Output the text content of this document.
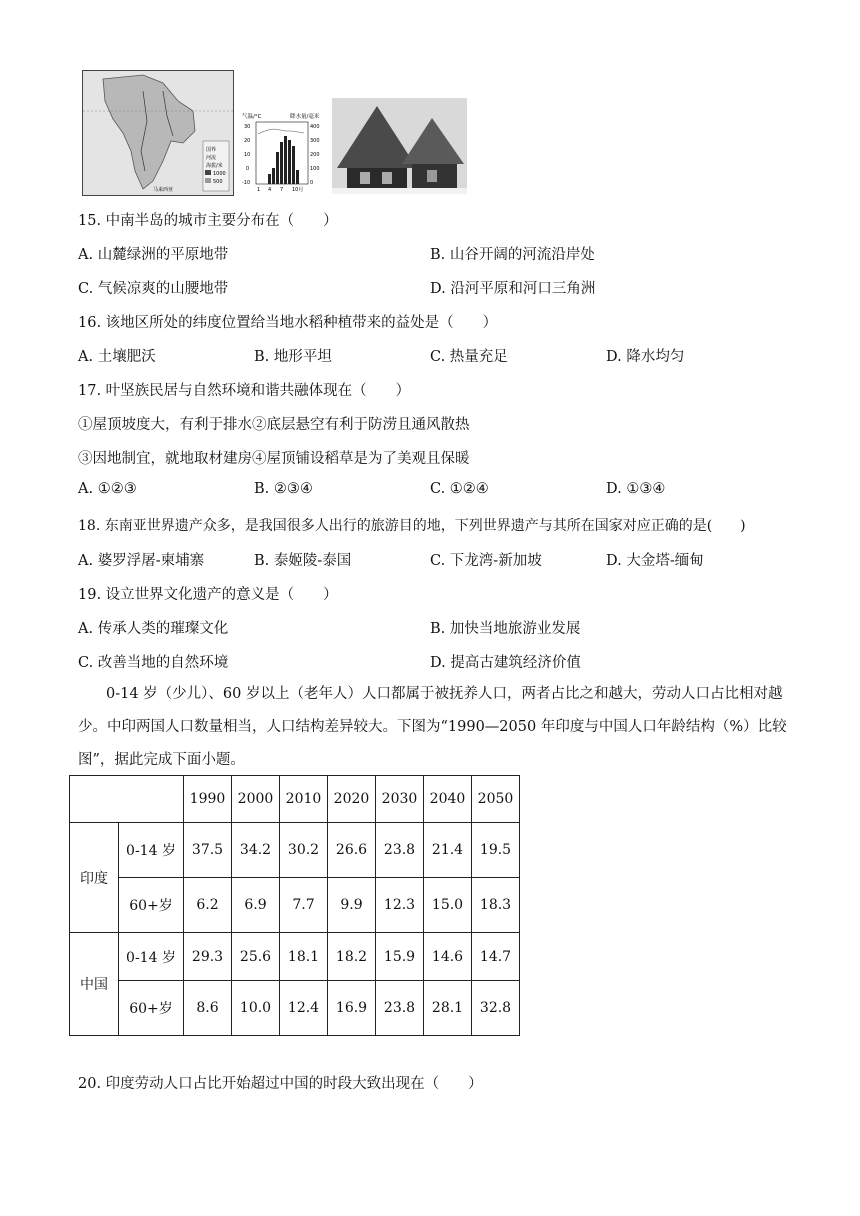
国界
河流
海拔/米
1000
500
马来西亚
气温/°C	降水量/毫米
30
20
10
0
-10
400
300
200
100
0
1 4 7 10月
15. 中南半岛的城市主要分布在（　　）
A. 山麓绿洲的平原地带	B. 山谷开阔的河流沿岸处
C. 气候凉爽的山腰地带	D. 沿河平原和河口三角洲
16. 该地区所处的纬度位置给当地水稻种植带来的益处是（　　）
A. 土壤肥沃	B. 地形平坦	C. 热量充足	D. 降水均匀
17. 叶坚族民居与自然环境和谐共融体现在（　　）
①屋顶坡度大，有利于排水②底层悬空有利于防涝且通风散热
③因地制宜，就地取材建房④屋顶铺设稻草是为了美观且保暖
A. ①②③	B. ②③④	C. ①②④	D. ①③④
18. 东南亚世界遗产众多，是我国很多人出行的旅游目的地，下列世界遗产与其所在国家对应正确的是(　　)
A. 婆罗浮屠-柬埔寨	B. 泰姬陵-泰国	C. 下龙湾-新加坡	D. 大金塔-缅甸
19. 设立世界文化遗产的意义是（　　）
A. 传承人类的璀璨文化	B. 加快当地旅游业发展
C. 改善当地的自然环境	D. 提高古建筑经济价值
0-14 岁（少儿）、60 岁以上（老年人）人口都属于被抚养人口，两者占比之和越大，劳动人口占比相对越少。中印两国人口数量相当，人口结构差异较大。下图为“1990—2050 年印度与中国人口年龄结构（%）比较图”，据此完成下面小题。
		1990	2000	2010	2020	2030	2040	2050
印度	0-14 岁	37.5	34.2	30.2	26.6	23.8	21.4	19.5
	60+岁	6.2	6.9	7.7	9.9	12.3	15.0	18.3
中国	0-14 岁	29.3	25.6	18.1	18.2	15.9	14.6	14.7
	60+岁	8.6	10.0	12.4	16.9	23.8	28.1	32.8
20. 印度劳动人口占比开始超过中国的时段大致出现在（　　）
